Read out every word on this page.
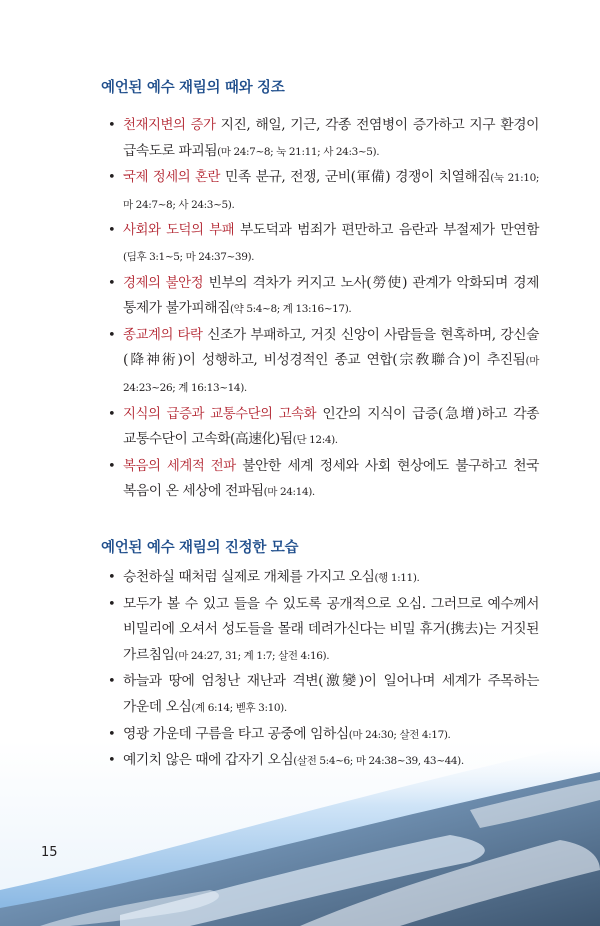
예언된 예수 재림의 때와 징조
• 천재지변의 증가 지진, 해일, 기근, 각종 전염병이 증가하고 지구 환경이 급속도로 파괴됨(마 24:7~8; 눅 21:11; 사 24:3~5).
• 국제 정세의 혼란 민족 분규, 전쟁, 군비(軍備) 경쟁이 치열해짐(눅 21:10; 마 24:7~8; 사 24:3~5).
• 사회와 도덕의 부패 부도덕과 범죄가 편만하고 음란과 부절제가 만연함(딤후 3:1~5; 마 24:37~39).
• 경제의 불안정 빈부의 격차가 커지고 노사(勞使) 관계가 악화되며 경제 통제가 불가피해짐(약 5:4~8; 계 13:16~17).
• 종교계의 타락 신조가 부패하고, 거짓 신앙이 사람들을 현혹하며, 강신술(降神術)이 성행하고, 비성경적인 종교 연합(宗敎聯合)이 추진됨(마 24:23~26; 계 16:13~14).
• 지식의 급증과 교통수단의 고속화 인간의 지식이 급증(急增)하고 각종 교통수단이 고속화(高速化)됨(단 12:4).
• 복음의 세계적 전파 불안한 세계 정세와 사회 현상에도 불구하고 천국 복음이 온 세상에 전파됨(마 24:14).
예언된 예수 재림의 진정한 모습
• 승천하실 때처럼 실제로 개체를 가지고 오심(행 1:11).
• 모두가 볼 수 있고 들을 수 있도록 공개적으로 오심. 그러므로 예수께서 비밀리에 오셔서 성도들을 몰래 데려가신다는 비밀 휴거(携去)는 거짓된 가르침임(마 24:27, 31; 계 1:7; 살전 4:16).
• 하늘과 땅에 엄청난 재난과 격변(激變)이 일어나며 세계가 주목하는 가운데 오심(계 6:14; 벧후 3:10).
• 영광 가운데 구름을 타고 공중에 임하심(마 24:30; 살전 4:17).
• 예기치 않은 때에 갑자기 오심(살전 5:4~6; 마 24:38~39, 43~44).
15
